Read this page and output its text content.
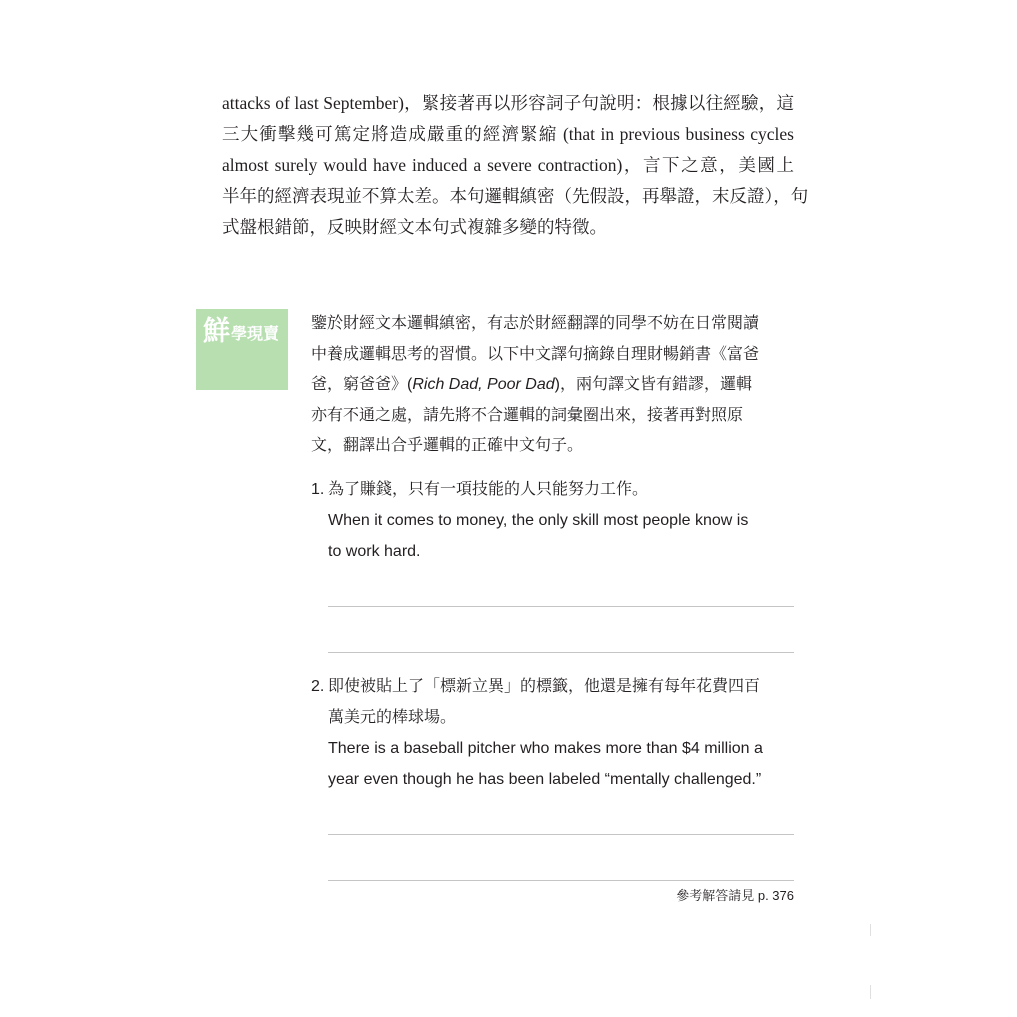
attacks of last September)，緊接著再以形容詞子句說明：根據以往經驗，這
三大衝擊幾可篤定將造成嚴重的經濟緊縮 (that in previous business cycles
almost surely would have induced a severe contraction)，言下之意，美國上
半年的經濟表現並不算太差。本句邏輯縝密（先假設，再舉證，末反證），句
式盤根錯節，反映財經文本句式複雜多變的特徵。

鮮 學現賣

鑒於財經文本邏輯縝密，有志於財經翻譯的同學不妨在日常閱讀
中養成邏輯思考的習慣。以下中文譯句摘錄自理財暢銷書《富爸
爸，窮爸爸》(Rich Dad, Poor Dad)，兩句譯文皆有錯謬，邏輯
亦有不通之處，請先將不合邏輯的詞彙圈出來，接著再對照原
文，翻譯出合乎邏輯的正確中文句子。

1. 為了賺錢，只有一項技能的人只能努力工作。
When it comes to money, the only skill most people know is
to work hard.
2. 即使被貼上了「標新立異」的標籤，他還是擁有每年花費四百
萬美元的棒球場。
There is a baseball pitcher who makes more than $4 million a
year even though he has been labeled “mentally challenged.”
參考解答請見 p. 376
